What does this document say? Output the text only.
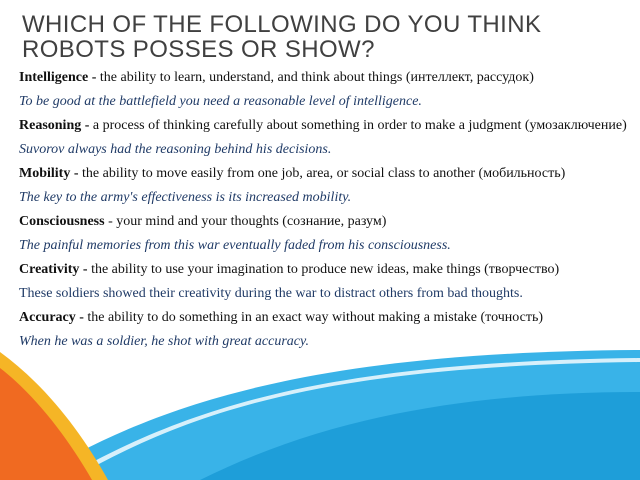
WHICH OF THE FOLLOWING DO YOU THINK
ROBOTS POSSES OR SHOW?

Intelligence - the ability to learn, understand, and think about things (интеллект, рассудок)

To be good at the battlefield you need a reasonable level of intelligence.

Reasoning - a process of thinking carefully about something in order to make a judgment (умозаключение)

Suvorov always had the reasoning behind his decisions.

Mobility - the ability to move easily from one job, area, or social class to another (мобильность)

The key to the army's effectiveness is its increased mobility.

Consciousness - your mind and your thoughts (сознание, разум)

The painful memories from this war eventually faded from his consciousness.

Creativity - the ability to use your imagination to produce new ideas, make things (творчество)

These soldiers showed their creativity during the war to distract others from bad thoughts.

Accuracy - the ability to do something in an exact way without making a mistake (точность)

When he was a soldier, he shot with great accuracy.
